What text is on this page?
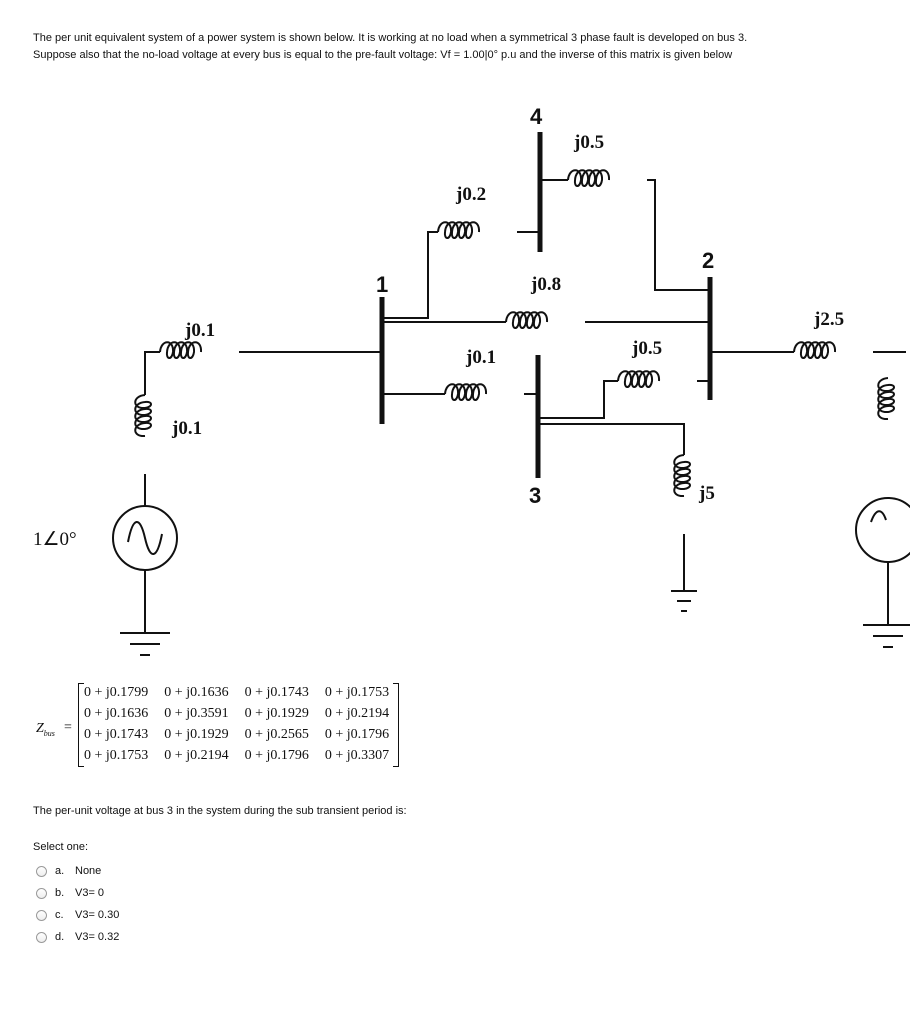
The per unit equivalent system of a power system is shown below. It is working at no load when a symmetrical 3 phase fault is developed on bus 3.

Suppose also that the no-load voltage at every bus is equal to the pre-fault voltage: Vf = 1.00|0° p.u and the inverse of this matrix is given below

1
4
2
3
j0.1
j0.1
j0.2
j0.5
j0.8
j0.1	j0.5
j5
j2.5
1∠0°
$Z_{bus}$ =
0 + j0.1799	0 + j0.1636	0 + j0.1743	0 + j0.1753
0 + j0.1636	0 + j0.3591	0 + j0.1929	0 + j0.2194
0 + j0.1743	0 + j0.1929	0 + j0.2565	0 + j0.1796
0 + j0.1753	0 + j0.2194	0 + j0.1796	0 + j0.3307
The per-unit voltage at bus 3 in the system during the sub transient period is:
Select one:
a. None
b. V3= 0
c.	V3= 0.30
d. V3= 0.32
